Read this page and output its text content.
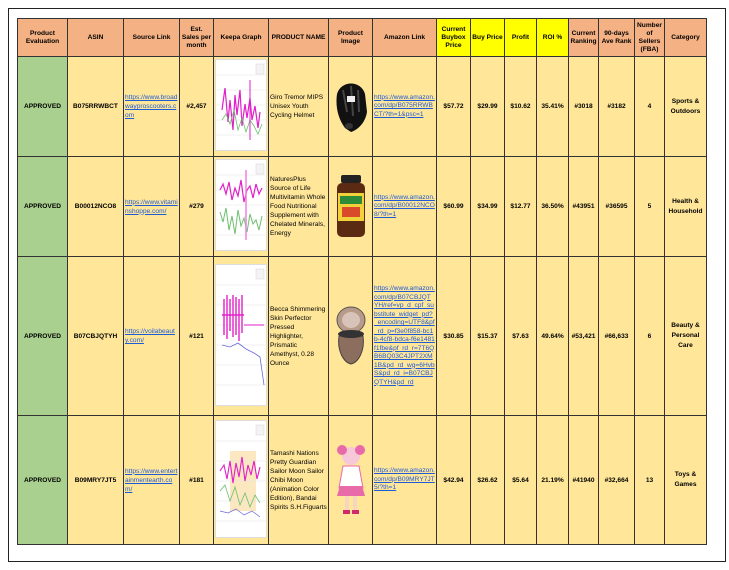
Product Evaluation	ASIN	Source Link	Est. Sales per month	Keepa Graph	PRODUCT NAME	Product Image	Amazon Link	Current Buybox Price	Buy Price	Profit	ROI %	Current Ranking	90-days Ave Rank	Number of Sellers (FBA)	Category
APPROVED	B075RRWBCT	https://www.broadwayproscooters.com	#2,457		Giro Tremor MIPS Unisex Youth Cycling Helmet		https://www.amazon.com/dp/B075RRWBCT/?th=1&psc=1	$57.72	$29.99	$10.62	35.41%	#3018	#3182	4	Sports & Outdoors
APPROVED	B00012NCO8	https://www.vitaminshoppe.com/	#279		NaturesPlus Source of Life Multivitamin Whole Food Nutritional Supplement with Chelated Minerals, Energy		https://www.amazon.com/dp/B00012NCO8/?th=1	$60.99	$34.99	$12.77	36.50%	#43951	#36595	5	Health & Household
APPROVED	B07CBJQTYH	https://voilabeauty.com/	#121		Becca Shimmering Skin Perfector Pressed Highlighter, Prismatic Amethyst, 0.28 Ounce		https://www.amazon.com/dp/B07CBJQTYH/ref=vp_d_cpf_substitute_widget_pd?_encoding=UTF8&pf_rd_p=f3e0f858-bc1b-4cf8-bdca-f6e1481f1fbe&pf_rd_r=7T6QB6BQ03C4JPT2XM1B&pd_rd_wg=6HvbS&pd_rd_i=B07CBJQTYH&pd_rd	$30.85	$15.37	$7.63	49.64%	#53,421	#66,633	6	Beauty & Personal Care
APPROVED	B09MRY7JT5	https://www.entertainmentearth.com/	#181		Tamashi Nations Pretty Guardian Sailor Moon Sailor Chibi Moon (Animation Color Edition), Bandai Spirits S.H.Figuarts		https://www.amazon.com/dp/B09MRY7JT5/?th=1	$42.94	$26.62	$5.64	21.19%	#41940	#32,664	13	Toys & Games
